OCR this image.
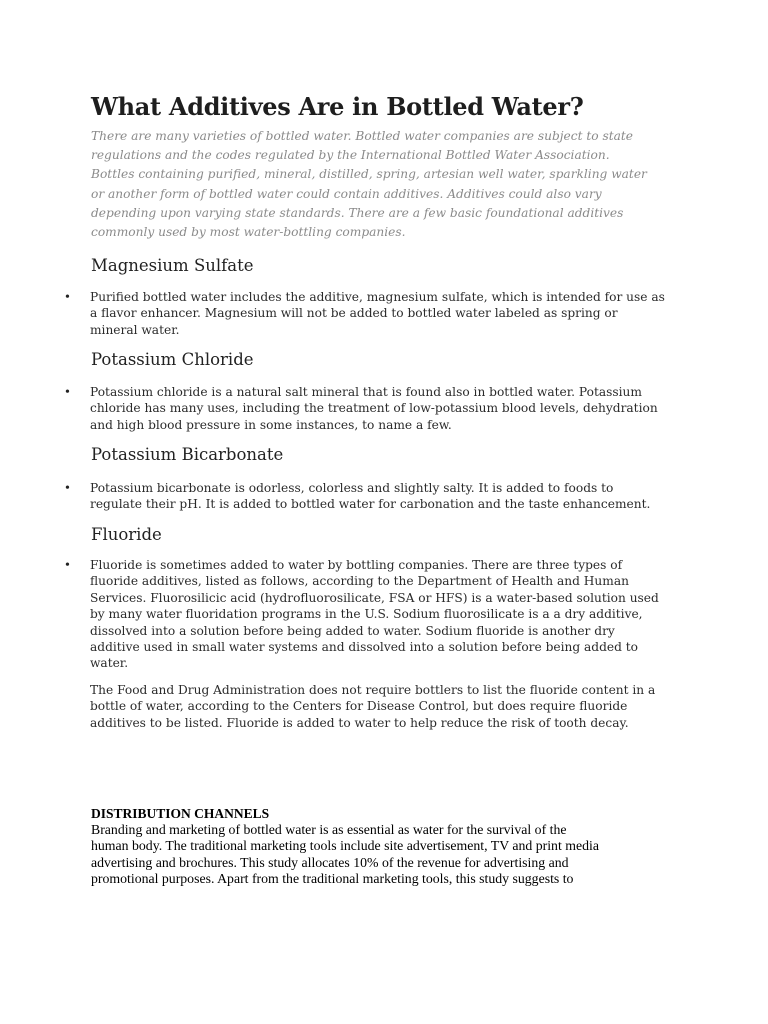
What Additives Are in Bottled Water?

There are many varieties of bottled water. Bottled water companies are subject to state
regulations and the codes regulated by the International Bottled Water Association.
Bottles containing purified, mineral, distilled, spring, artesian well water, sparkling water
or another form of bottled water could contain additives. Additives could also vary
depending upon varying state standards. There are a few basic foundational additives
commonly used by most water-bottling companies.

Magnesium Sulfate
• Purified bottled water includes the additive, magnesium sulfate, which is intended for use as
a flavor enhancer. Magnesium will not be added to bottled water labeled as spring or
mineral water.

Potassium Chloride
• Potassium chloride is a natural salt mineral that is found also in bottled water. Potassium
chloride has many uses, including the treatment of low-potassium blood levels, dehydration
and high blood pressure in some instances, to name a few.

Potassium Bicarbonate
• Potassium bicarbonate is odorless, colorless and slightly salty. It is added to foods to
regulate their pH. It is added to bottled water for carbonation and the taste enhancement.

Fluoride
• Fluoride is sometimes added to water by bottling companies. There are three types of
fluoride additives, listed as follows, according to the Department of Health and Human
Services. Fluorosilicic acid (hydrofluorosilicate, FSA or HFS) is a water-based solution used
by many water fluoridation programs in the U.S. Sodium fluorosilicate is a a dry additive,
dissolved into a solution before being added to water. Sodium fluoride is another dry
additive used in small water systems and dissolved into a solution before being added to
water.

The Food and Drug Administration does not require bottlers to list the fluoride content in a
bottle of water, according to the Centers for Disease Control, but does require fluoride
additives to be listed. Fluoride is added to water to help reduce the risk of tooth decay.

DISTRIBUTION CHANNELS

Branding and marketing of bottled water is as essential as water for the survival of the
human body. The traditional marketing tools include site advertisement, TV and print media
advertising and brochures. This study allocates 10% of the revenue for advertising and
promotional purposes. Apart from the traditional marketing tools, this study suggests to
